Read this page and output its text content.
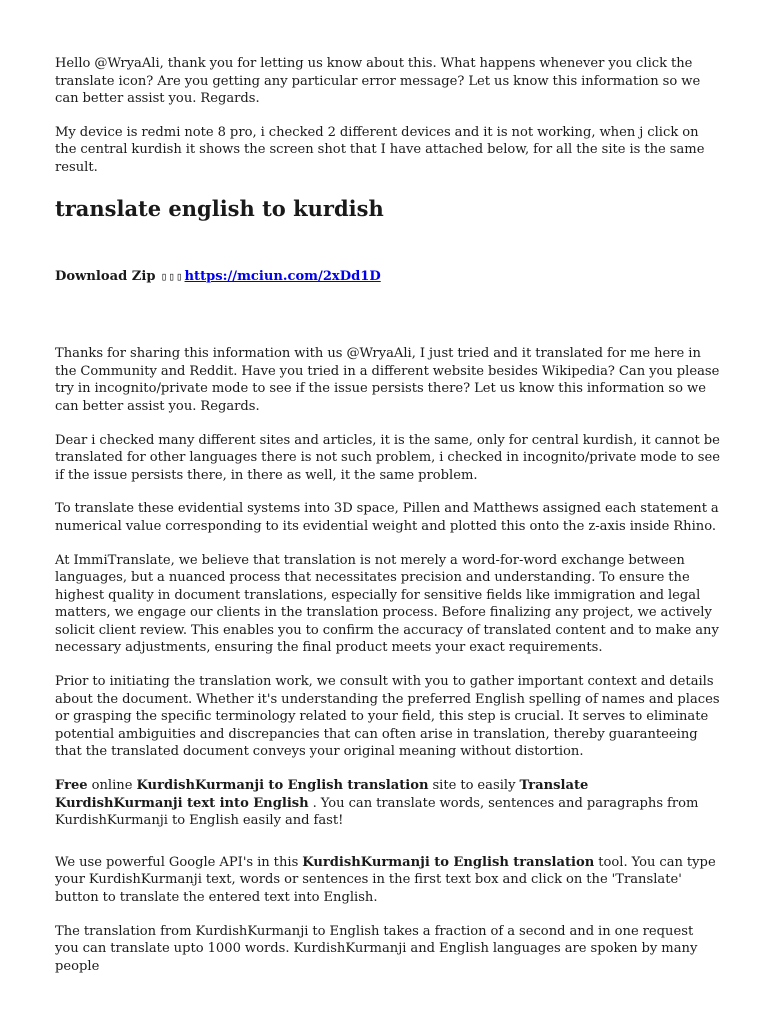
Hello @WryaAli, thank you for letting us know about this. What happens whenever you click the translate icon? Are you getting any particular error message? Let us know this information so we can better assist you. Regards.

My device is redmi note 8 pro, i checked 2 different devices and it is not working, when j click on the central kurdish it shows the screen shot that I have attached below, for all the site is the same result.

translate english to kurdish
Download Zip ▯▯▯https://mciun.com/2xDd1D

Thanks for sharing this information with us @WryaAli, I just tried and it translated for me here in the Community and Reddit. Have you tried in a different website besides Wikipedia? Can you please try in incognito/private mode to see if the issue persists there? Let us know this information so we can better assist you. Regards.

Dear i checked many different sites and articles, it is the same, only for central kurdish, it cannot be translated for other languages there is not such problem, i checked in incognito/private mode to see if the issue persists there, in there as well, it the same problem.

To translate these evidential systems into 3D space, Pillen and Matthews assigned each statement a numerical value corresponding to its evidential weight and plotted this onto the z-axis inside Rhino.

At ImmiTranslate, we believe that translation is not merely a word-for-word exchange between languages, but a nuanced process that necessitates precision and understanding. To ensure the highest quality in document translations, especially for sensitive fields like immigration and legal matters, we engage our clients in the translation process. Before finalizing any project, we actively solicit client review. This enables you to confirm the accuracy of translated content and to make any necessary adjustments, ensuring the final product meets your exact requirements.

Prior to initiating the translation work, we consult with you to gather important context and details about the document. Whether it's understanding the preferred English spelling of names and places or grasping the specific terminology related to your field, this step is crucial. It serves to eliminate potential ambiguities and discrepancies that can often arise in translation, thereby guaranteeing that the translated document conveys your original meaning without distortion.

Free online KurdishKurmanji to English translation site to easily Translate KurdishKurmanji text into English . You can translate words, sentences and paragraphs from KurdishKurmanji to English easily and fast!

We use powerful Google API's in this KurdishKurmanji to English translation tool. You can type your KurdishKurmanji text, words or sentences in the first text box and click on the 'Translate' button to translate the entered text into English.

The translation from KurdishKurmanji to English takes a fraction of a second and in one request you can translate upto 1000 words. KurdishKurmanji and English languages are spoken by many people
